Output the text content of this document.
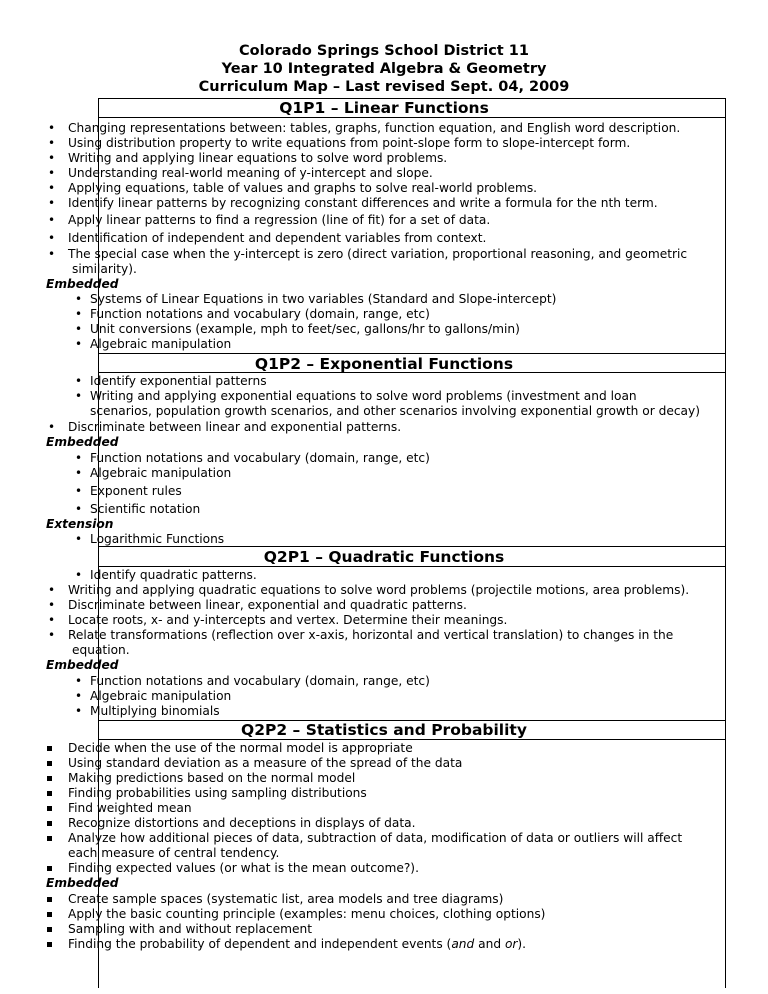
Colorado Springs School District 11
Year 10 Integrated Algebra & Geometry
Curriculum Map – Last revised Sept. 04, 2009
Q1P1 – Linear Functions
• Changing representations between: tables, graphs, function equation, and English word description.
• Using distribution property to write equations from point-slope form to slope-intercept form.
• Writing and applying linear equations to solve word problems.
• Understanding real-world meaning of y-intercept and slope.
• Applying equations, table of values and graphs to solve real-world problems.
• Identify linear patterns by recognizing constant differences and write a formula for the nth term.
• Apply linear patterns to find a regression (line of fit) for a set of data.
• Identification of independent and dependent variables from context.
• The special case when the y-intercept is zero (direct variation, proportional reasoning, and geometric
similarity).
Embedded
• Systems of Linear Equations in two variables (Standard and Slope-intercept)
• Function notations and vocabulary (domain, range, etc)
• Unit conversions (example, mph to feet/sec, gallons/hr to gallons/min)
• Algebraic manipulation
Q1P2 – Exponential Functions
• Identify exponential patterns
• Writing and applying exponential equations to solve word problems (investment and loan
scenarios, population growth scenarios, and other scenarios involving exponential growth or decay)
• Discriminate between linear and exponential patterns.
Embedded
• Function notations and vocabulary (domain, range, etc)
• Algebraic manipulation
• Exponent rules
• Scientific notation
Extension
• Logarithmic Functions
Q2P1 – Quadratic Functions
• Identify quadratic patterns.
• Writing and applying quadratic equations to solve word problems (projectile motions, area problems).
• Discriminate between linear, exponential and quadratic patterns.
• Locate roots, x- and y-intercepts and vertex. Determine their meanings.
• Relate transformations (reflection over x-axis, horizontal and vertical translation) to changes in the
equation.
Embedded
• Function notations and vocabulary (domain, range, etc)
• Algebraic manipulation
• Multiplying binomials
Q2P2 – Statistics and Probability
Decide when the use of the normal model is appropriate
Using standard deviation as a measure of the spread of the data
Making predictions based on the normal model
Finding probabilities using sampling distributions
Find weighted mean
Recognize distortions and deceptions in displays of data.
Analyze how additional pieces of data, subtraction of data, modification of data or outliers will affect
each measure of central tendency.
Finding expected values (or what is the mean outcome?).
Embedded
Create sample spaces (systematic list, area models and tree diagrams)
Apply the basic counting principle (examples: menu choices, clothing options)
Sampling with and without replacement
Finding the probability of dependent and independent events (and and or).
